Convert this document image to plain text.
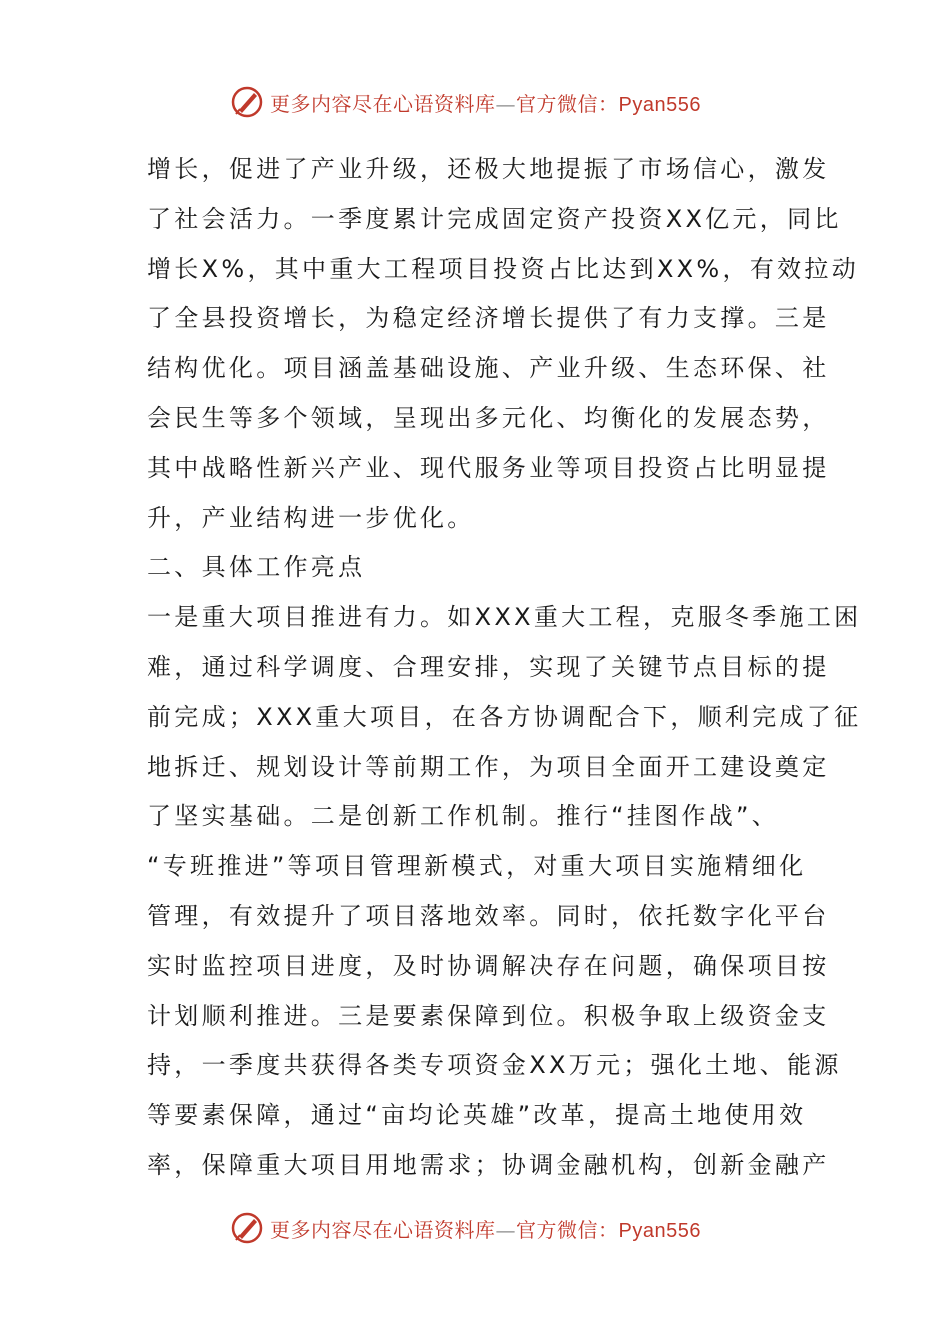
更多内容尽在心语资料库—官方微信：Pyan556
增长，促进了产业升级，还极大地提振了市场信心，激发
了社会活力。一季度累计完成固定资产投资XX亿元，同比
增长X%，其中重大工程项目投资占比达到XX%，有效拉动
了全县投资增长，为稳定经济增长提供了有力支撑。三是
结构优化。项目涵盖基础设施、产业升级、生态环保、社
会民生等多个领域，呈现出多元化、均衡化的发展态势，
其中战略性新兴产业、现代服务业等项目投资占比明显提
升，产业结构进一步优化。
二、具体工作亮点
一是重大项目推进有力。如XXX重大工程，克服冬季施工困
难，通过科学调度、合理安排，实现了关键节点目标的提
前完成；XXX重大项目，在各方协调配合下，顺利完成了征
地拆迁、规划设计等前期工作，为项目全面开工建设奠定
了坚实基础。二是创新工作机制。推行“挂图作战”、
“专班推进”等项目管理新模式，对重大项目实施精细化
管理，有效提升了项目落地效率。同时，依托数字化平台
实时监控项目进度，及时协调解决存在问题，确保项目按
计划顺利推进。三是要素保障到位。积极争取上级资金支
持，一季度共获得各类专项资金XX万元；强化土地、能源
等要素保障，通过“亩均论英雄”改革，提高土地使用效
率，保障重大项目用地需求；协调金融机构，创新金融产
更多内容尽在心语资料库—官方微信：Pyan556
